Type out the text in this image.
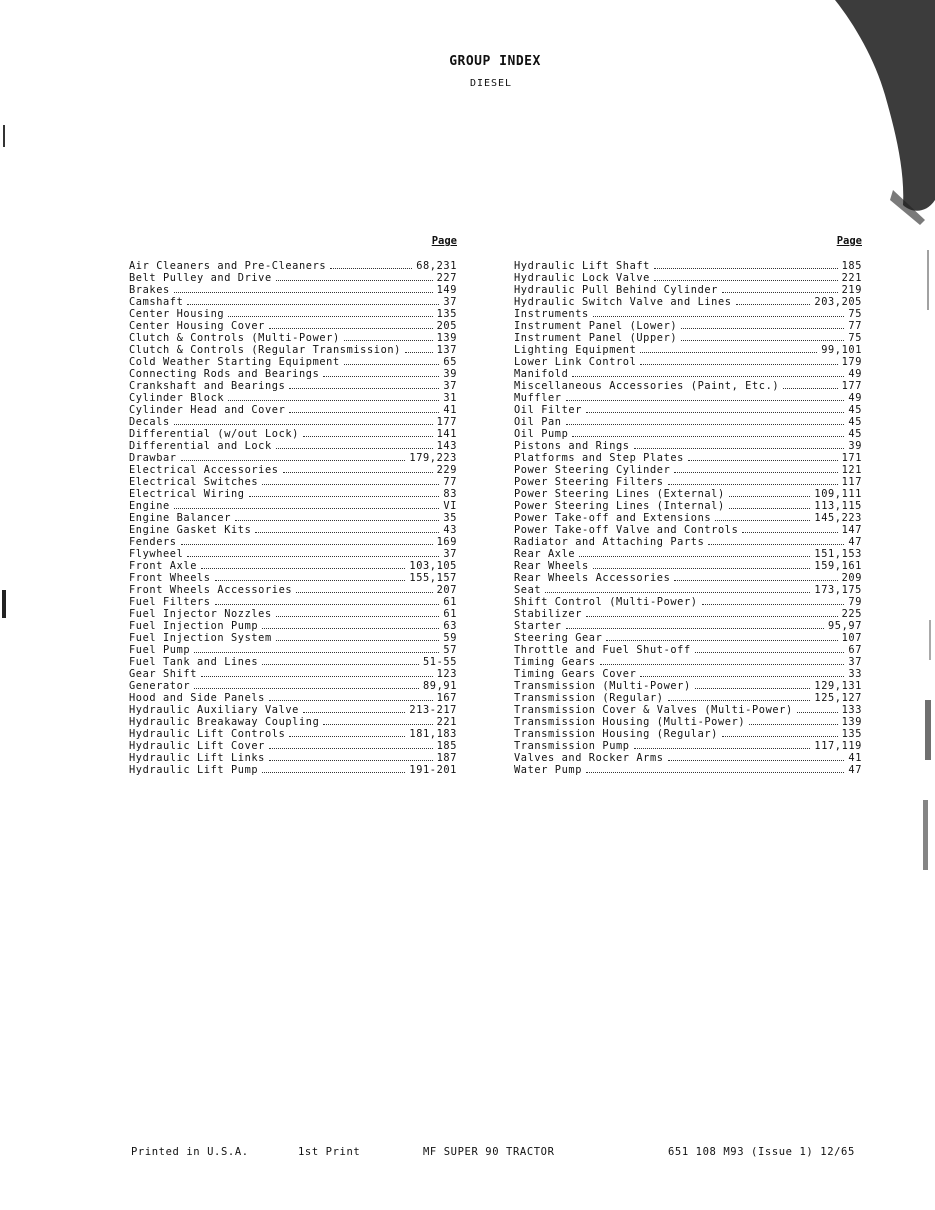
GROUP INDEX
DIESEL
Page
Air Cleaners and Pre-Cleaners	68,231
Belt Pulley and Drive	227
Brakes	149
Camshaft	37
Center Housing	135
Center Housing Cover	205
Clutch & Controls (Multi-Power)	139
Clutch & Controls (Regular Transmission)	137
Cold Weather Starting Equipment	65
Connecting Rods and Bearings	39
Crankshaft and Bearings	37
Cylinder Block	31
Cylinder Head and Cover	41
Decals	177
Differential (w/out Lock)	141
Differential and Lock	143
Drawbar	179,223
Electrical Accessories	229
Electrical Switches	77
Electrical Wiring	83
Engine	VI
Engine Balancer	35
Engine Gasket Kits	43
Fenders	169
Flywheel	37
Front Axle	103,105
Front Wheels	155,157
Front Wheels Accessories	207
Fuel Filters	61
Fuel Injector Nozzles	61
Fuel Injection Pump	63
Fuel Injection System	59
Fuel Pump	57
Fuel Tank and Lines	51-55
Gear Shift	123
Generator	89,91
Hood and Side Panels	167
Hydraulic Auxiliary Valve	213-217
Hydraulic Breakaway Coupling	221
Hydraulic Lift Controls	181,183
Hydraulic Lift Cover	185
Hydraulic Lift Links	187
Hydraulic Lift Pump	191-201
Page
Hydraulic Lift Shaft	185
Hydraulic Lock Valve	221
Hydraulic Pull Behind Cylinder	219
Hydraulic Switch Valve and Lines	203,205
Instruments	75
Instrument Panel (Lower)	77
Instrument Panel (Upper)	75
Lighting Equipment	99,101
Lower Link Control	179
Manifold	49
Miscellaneous Accessories (Paint, Etc.)	177
Muffler	49
Oil Filter	45
Oil Pan	45
Oil Pump	45
Pistons and Rings	39
Platforms and Step Plates	171
Power Steering Cylinder	121
Power Steering Filters	117
Power Steering Lines (External)	109,111
Power Steering Lines (Internal)	113,115
Power Take-off and Extensions	145,223
Power Take-off Valve and Controls	147
Radiator and Attaching Parts	47
Rear Axle	151,153
Rear Wheels	159,161
Rear Wheels Accessories	209
Seat	173,175
Shift Control (Multi-Power)	79
Stabilizer	225
Starter	95,97
Steering Gear	107
Throttle and Fuel Shut-off	67
Timing Gears	37
Timing Gears Cover	33
Transmission (Multi-Power)	129,131
Transmission (Regular)	125,127
Transmission Cover & Valves (Multi-Power)	133
Transmission Housing (Multi-Power)	139
Transmission Housing (Regular)	135
Transmission Pump	117,119
Valves and Rocker Arms	41
Water Pump	47
Printed in U.S.A.	1st Print	MF SUPER 90 TRACTOR	651 108 M93 (Issue 1) 12/65
